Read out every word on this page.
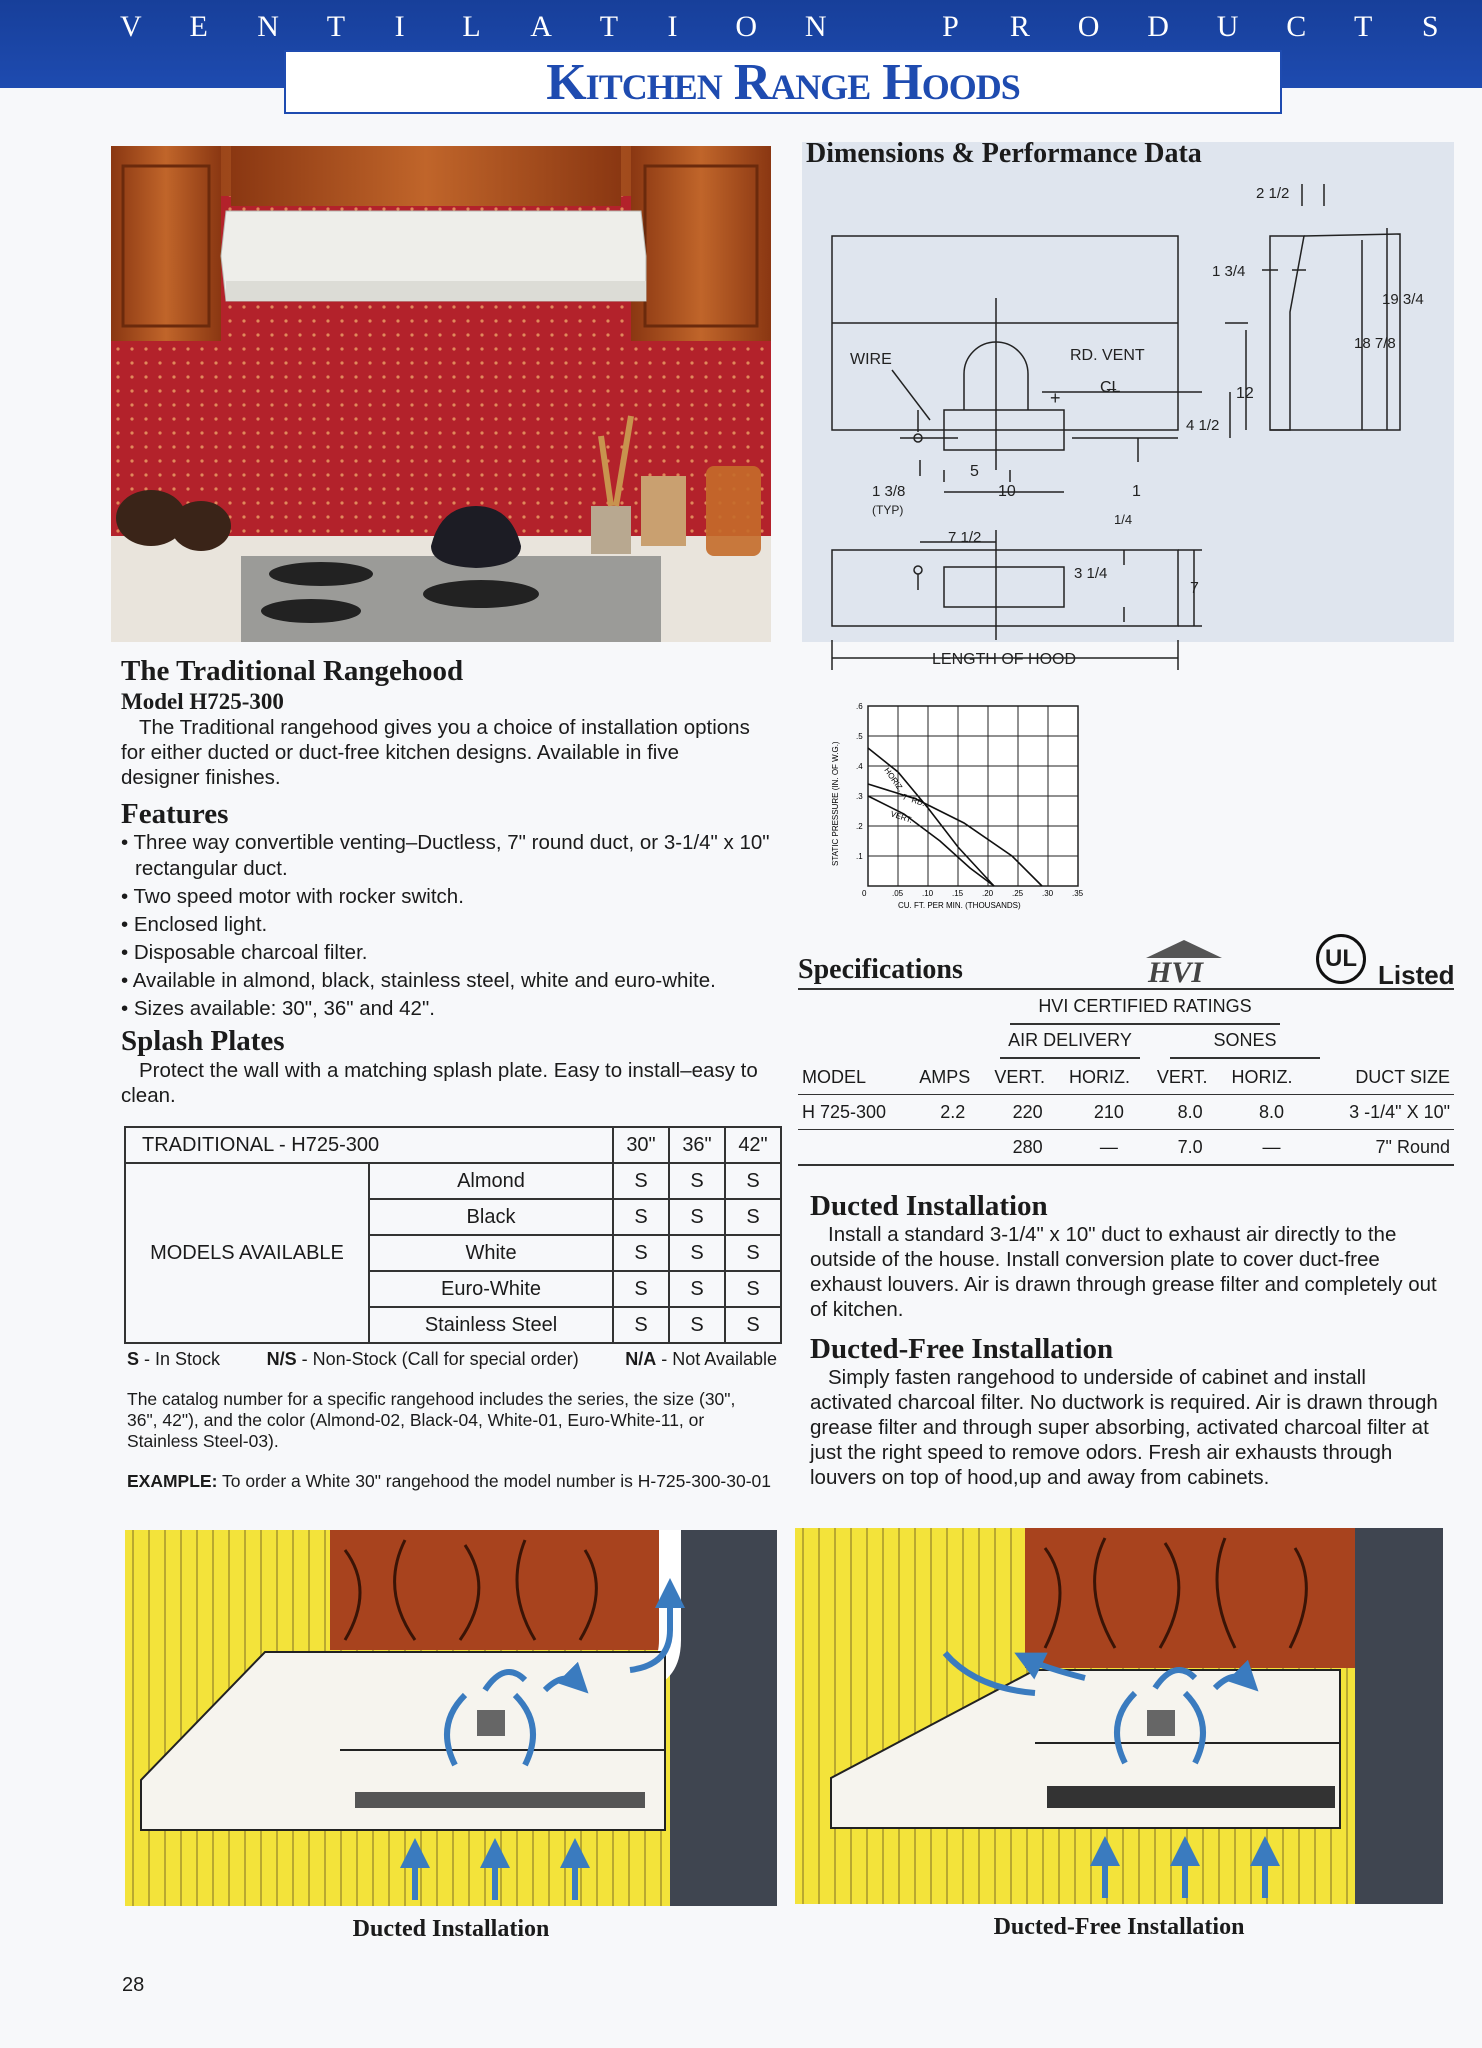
V E N T I	L A T I	O N	P R O D U C T S
Kitchen Range Hoods
The Traditional Rangehood
Model H725-300
The Traditional rangehood gives you a choice of installation options for either ducted or duct-free kitchen designs. Available in five designer finishes.
Features
• Three way convertible venting–Ductless, 7" round duct, or 3-1/4" x 10" rectangular duct.
• Two speed motor with rocker switch.
• Enclosed light.
• Disposable charcoal filter.
• Available in almond, black, stainless steel, white and euro-white.
• Sizes available: 30", 36" and 42".
Splash Plates
Protect the wall with a matching splash plate. Easy to install–easy to clean.
TRADITIONAL - H725-300		30"	36"	42"
MODELS AVAILABLE	Almond	S	S	S
	Black	S	S	S
	White	S	S	S
	Euro-White	S	S	S
	Stainless Steel	S	S	S
S - In Stock	N/S - Non-Stock (Call for special order)	N/A - Not Available
The catalog number for a specific rangehood includes the series, the size (30", 36", 42"), and the color (Almond-02, Black-04, White-01, Euro-White-11, or Stainless Steel-03).
EXAMPLE: To order a White 30" rangehood the model number is H-725-300-30-01
Dimensions & Performance Data
+
WIRE	RD. VENT
C̶L
2 1/2
1 3/4
19 3/4
18 7/8
12
4 1/2
1 3/8
(TYP)
5
10	1
7 1/2
1/4
3 1/4
7
LENGTH OF HOOD
0	.05 .10 .15 .20 .25 .30 .35
.1
.2
.3
.4
.5
.6
HORIZ.
7" RD.
VERT.
CU. FT. PER MIN. (THOUSANDS)
STATIC PRESSURE (IN. OF W.G.)
Specifications	HVI	UL
Listed
HVI CERTIFIED RATINGS
AIR DELIVERY	SONES
MODEL	AMPS	VERT.	HORIZ.	VERT.	HORIZ.	DUCT SIZE
H 725-300	2.2	220	210	8.0	8.0	3 -1/4" X 10"
		280	—	7.0	—	7" Round
Ducted Installation
Install a standard 3-1/4" x 10" duct to exhaust air directly to the outside of the house. Install conversion plate to cover duct-free exhaust louvers. Air is drawn through grease filter and completely out of kitchen.
Ducted-Free Installation
Simply fasten rangehood to underside of cabinet and install activated charcoal filter. No ductwork is required. Air is drawn through grease filter and through super absorbing, activated charcoal filter at just the right speed to remove odors. Fresh air exhausts through louvers on top of hood,up and away from cabinets.
Ducted Installation	Ducted-Free Installation
28
